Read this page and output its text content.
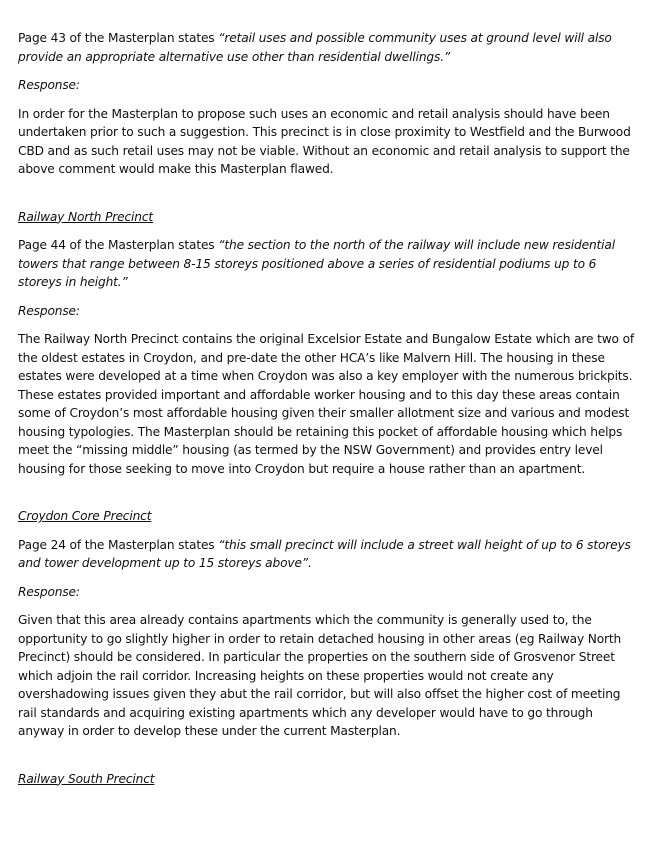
Page 43 of the Masterplan states “retail uses and possible community uses at ground level will also provide an appropriate alternative use other than residential dwellings.”

Response:

In order for the Masterplan to propose such uses an economic and retail analysis should have been undertaken prior to such a suggestion. This precinct is in close proximity to Westfield and the Burwood CBD and as such retail uses may not be viable. Without an economic and retail analysis to support the above comment would make this Masterplan flawed.

Railway North Precinct

Page 44 of the Masterplan states “the section to the north of the railway will include new residential towers that range between 8-15 storeys positioned above a series of residential podiums up to 6 storeys in height.”

Response:

The Railway North Precinct contains the original Excelsior Estate and Bungalow Estate which are two of the oldest estates in Croydon, and pre-date the other HCA’s like Malvern Hill. The housing in these estates were developed at a time when Croydon was also a key employer with the numerous brickpits. These estates provided important and affordable worker housing and to this day these areas contain some of Croydon’s most affordable housing given their smaller allotment size and various and modest housing typologies. The Masterplan should be retaining this pocket of affordable housing which helps meet the “missing middle” housing (as termed by the NSW Government) and provides entry level housing for those seeking to move into Croydon but require a house rather than an apartment.

Croydon Core Precinct

Page 24 of the Masterplan states “this small precinct will include a street wall height of up to 6 storeys and tower development up to 15 storeys above”.

Response:

Given that this area already contains apartments which the community is generally used to, the opportunity to go slightly higher in order to retain detached housing in other areas (eg Railway North Precinct) should be considered. In particular the properties on the southern side of Grosvenor Street which adjoin the rail corridor. Increasing heights on these properties would not create any overshadowing issues given they abut the rail corridor, but will also offset the higher cost of meeting rail standards and acquiring existing apartments which any developer would have to go through anyway in order to develop these under the current Masterplan.

Railway South Precinct
